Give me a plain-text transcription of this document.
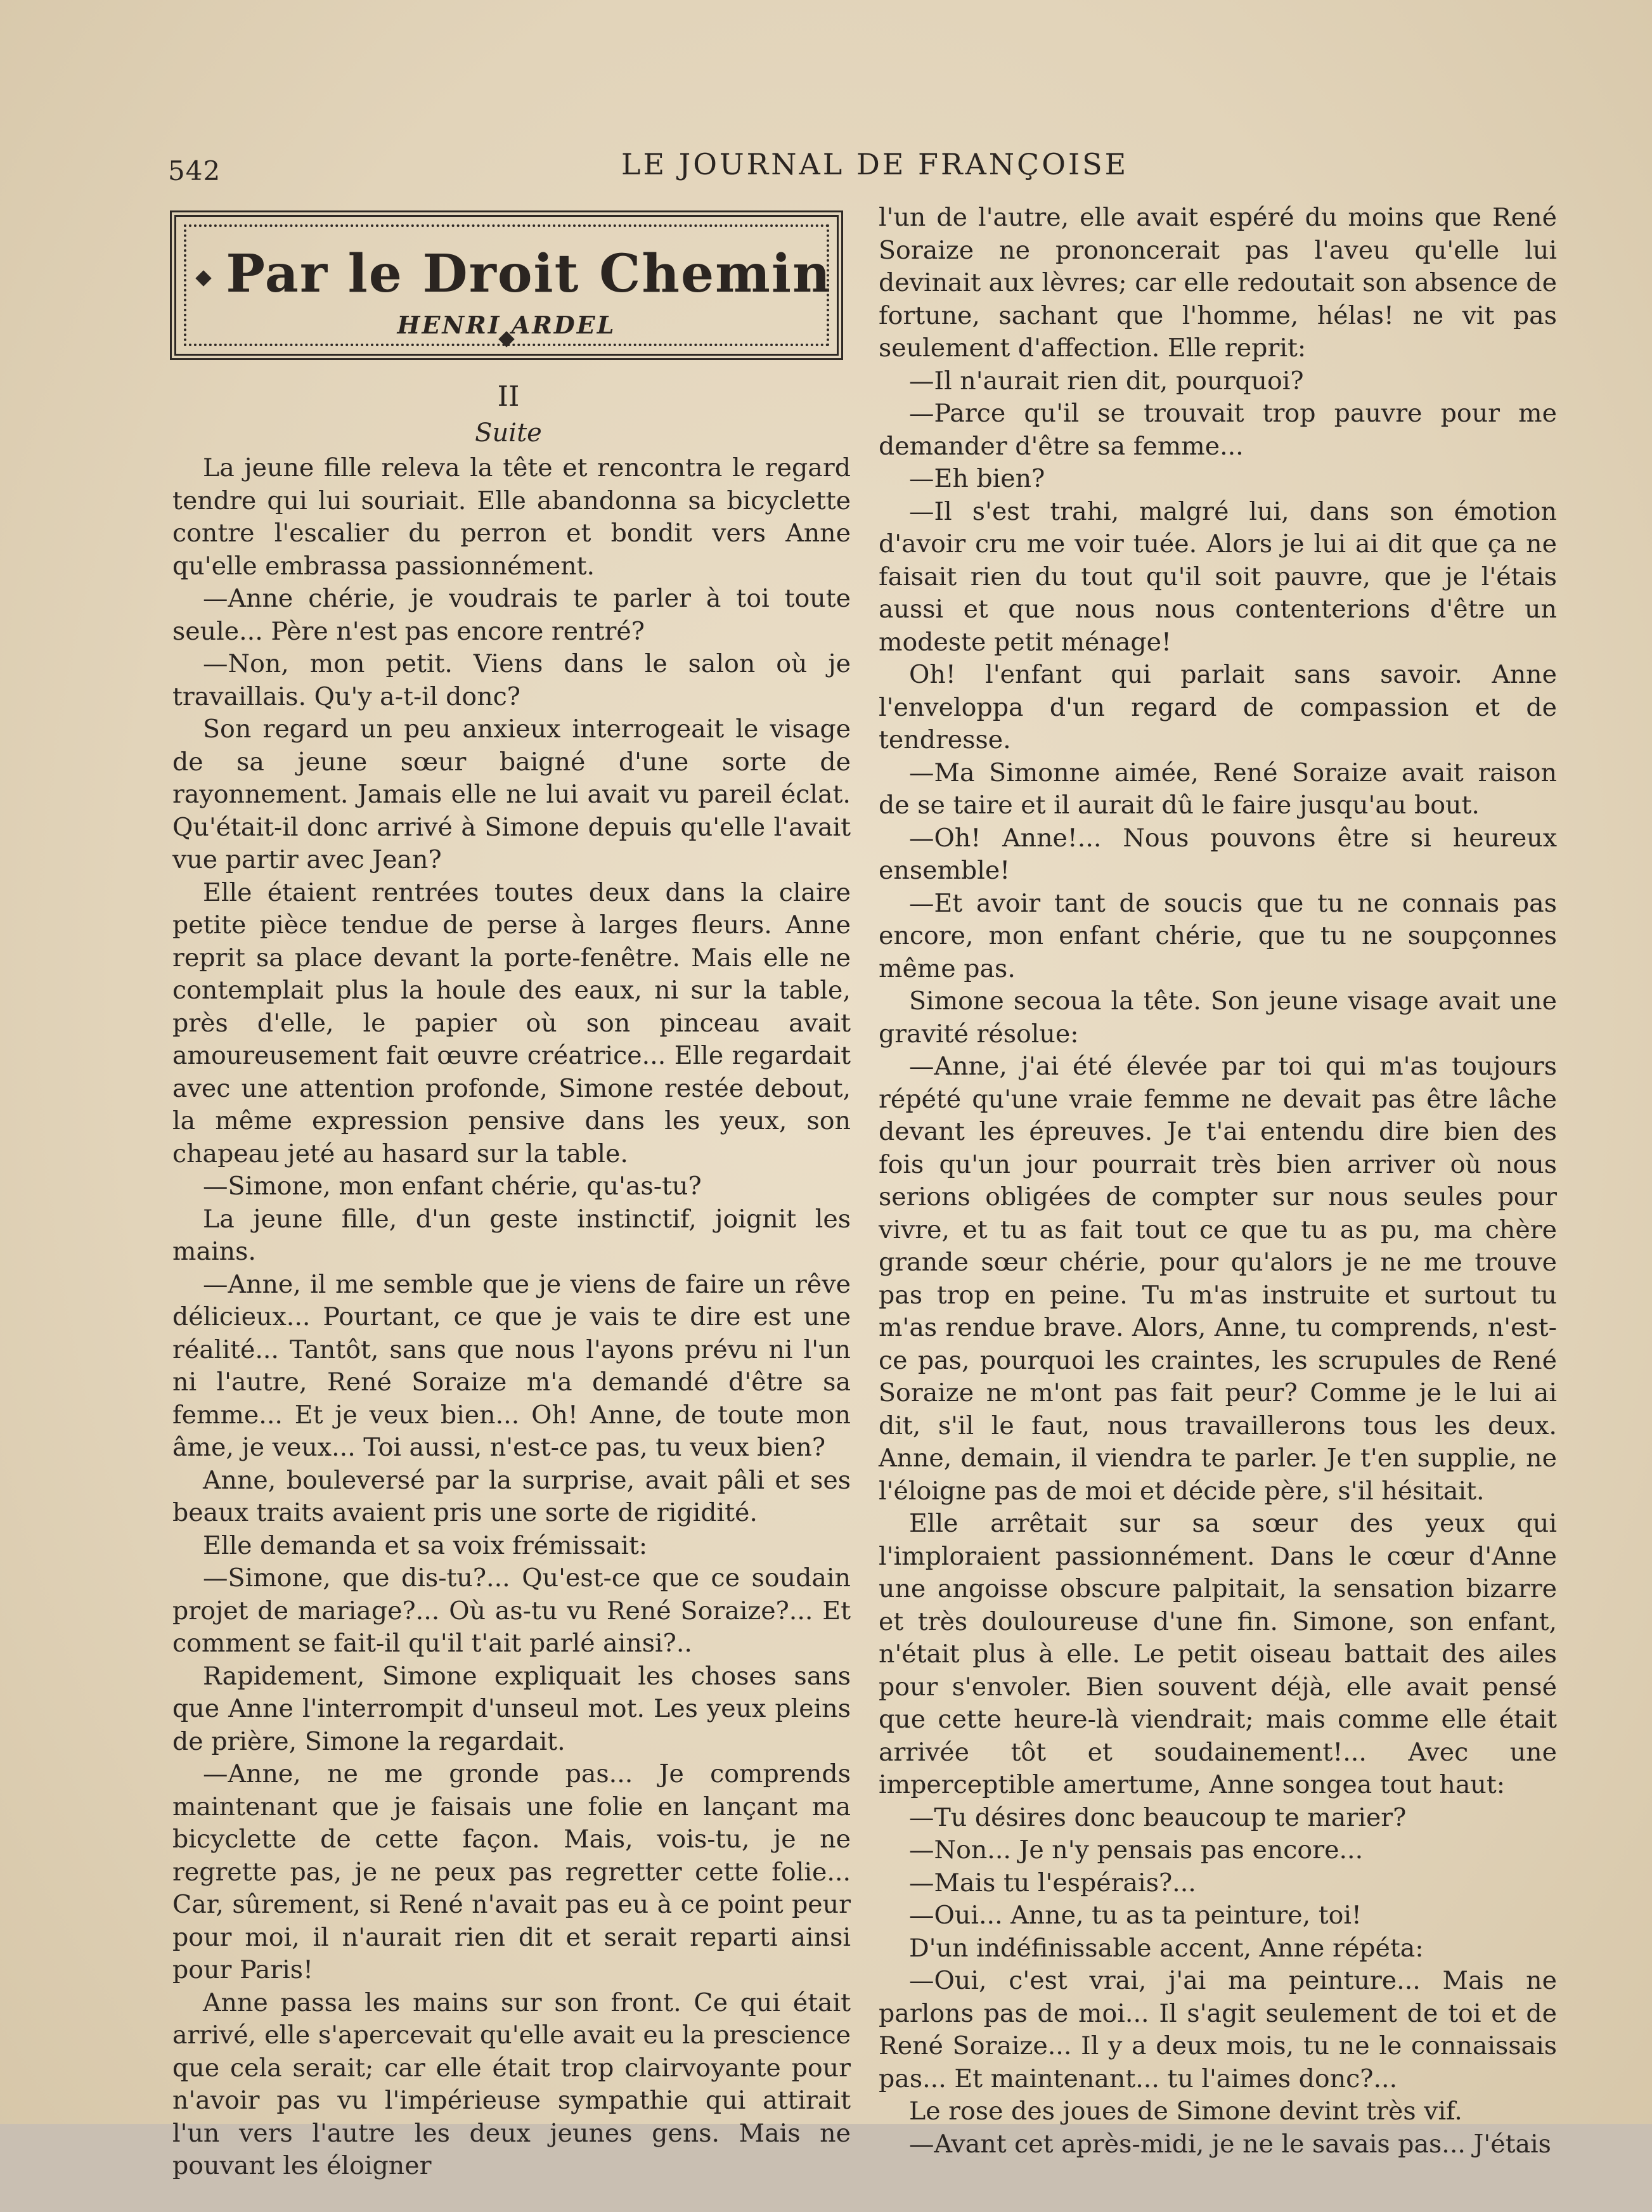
542	LE JOURNAL DE FRANÇOISE
Par le Droit Chemin
HENRI ARDEL
II
Suite

La jeune fille releva la tête et rencontra le regard tendre qui lui souriait. Elle abandonna sa bicyclette contre l'escalier du perron et bondit vers Anne qu'elle embrassa passionnément.

—Anne chérie, je voudrais te parler à toi toute seule... Père n'est pas encore rentré?

—Non, mon petit. Viens dans le salon où je travaillais. Qu'y a-t-il donc?

Son regard un peu anxieux interrogeait le visage de sa jeune sœur baigné d'une sorte de rayonnement. Jamais elle ne lui avait vu pareil éclat. Qu'était-il donc arrivé à Simone depuis qu'elle l'avait vue partir avec Jean?

Elle étaient rentrées toutes deux dans la claire petite pièce tendue de perse à larges fleurs. Anne reprit sa place devant la porte-fenêtre. Mais elle ne contemplait plus la houle des eaux, ni sur la table, près d'elle, le papier où son pinceau avait amoureusement fait œuvre créatrice... Elle regardait avec une attention profonde, Simone restée debout, la même expression pensive dans les yeux, son chapeau jeté au hasard sur la table.

—Simone, mon enfant chérie, qu'as-tu?

La jeune fille, d'un geste instinctif, joignit les mains.

—Anne, il me semble que je viens de faire un rêve délicieux... Pourtant, ce que je vais te dire est une réalité... Tantôt, sans que nous l'ayons prévu ni l'un ni l'autre, René Soraize m'a demandé d'être sa femme... Et je veux bien... Oh! Anne, de toute mon âme, je veux... Toi aussi, n'est-ce pas, tu veux bien?

Anne, bouleversé par la surprise, avait pâli et ses beaux traits avaient pris une sorte de rigidité.

Elle demanda et sa voix frémissait:

—Simone, que dis-tu?... Qu'est-ce que ce soudain projet de mariage?... Où as-tu vu René Soraize?... Et comment se fait-il qu'il t'ait parlé ainsi?..

Rapidement, Simone expliquait les choses sans que Anne l'interrompit d'unseul mot. Les yeux pleins de prière, Simone la regardait.

—Anne, ne me gronde pas... Je comprends maintenant que je faisais une folie en lançant ma bicyclette de cette façon. Mais, vois-tu, je ne regrette pas, je ne peux pas regretter cette folie... Car, sûrement, si René n'avait pas eu à ce point peur pour moi, il n'aurait rien dit et serait reparti ainsi pour Paris!

Anne passa les mains sur son front. Ce qui était arrivé, elle s'apercevait qu'elle avait eu la prescience que cela serait; car elle était trop clairvoyante pour n'avoir pas vu l'impérieuse sympathie qui attirait l'un vers l'autre les deux jeunes gens. Mais ne pouvant les éloigner

l'un de l'autre, elle avait espéré du moins que René Soraize ne prononcerait pas l'aveu qu'elle lui devinait aux lèvres; car elle redoutait son absence de fortune, sachant que l'homme, hélas! ne vit pas seulement d'affection. Elle reprit:

—Il n'aurait rien dit, pourquoi?

—Parce qu'il se trouvait trop pauvre pour me demander d'être sa femme...

—Eh bien?

—Il s'est trahi, malgré lui, dans son émotion d'avoir cru me voir tuée. Alors je lui ai dit que ça ne faisait rien du tout qu'il soit pauvre, que je l'étais aussi et que nous nous contenterions d'être un modeste petit ménage!

Oh! l'enfant qui parlait sans savoir. Anne l'enveloppa d'un regard de compassion et de tendresse.

—Ma Simonne aimée, René Soraize avait raison de se taire et il aurait dû le faire jusqu'au bout.

—Oh! Anne!... Nous pouvons être si heureux ensemble!

—Et avoir tant de soucis que tu ne connais pas encore, mon enfant chérie, que tu ne soupçonnes même pas.

Simone secoua la tête. Son jeune visage avait une gravité résolue:

—Anne, j'ai été élevée par toi qui m'as toujours répété qu'une vraie femme ne devait pas être lâche devant les épreuves. Je t'ai entendu dire bien des fois qu'un jour pourrait très bien arriver où nous serions obligées de compter sur nous seules pour vivre, et tu as fait tout ce que tu as pu, ma chère grande sœur chérie, pour qu'alors je ne me trouve pas trop en peine. Tu m'as instruite et surtout tu m'as rendue brave. Alors, Anne, tu comprends, n'est-ce pas, pourquoi les craintes, les scrupules de René Soraize ne m'ont pas fait peur? Comme je le lui ai dit, s'il le faut, nous travaillerons tous les deux. Anne, demain, il viendra te parler. Je t'en supplie, ne l'éloigne pas de moi et décide père, s'il hésitait.

Elle arrêtait sur sa sœur des yeux qui l'imploraient passionnément. Dans le cœur d'Anne une angoisse obscure palpitait, la sensation bizarre et très douloureuse d'une fin. Simone, son enfant, n'était plus à elle. Le petit oiseau battait des ailes pour s'envoler. Bien souvent déjà, elle avait pensé que cette heure-là viendrait; mais comme elle était arrivée tôt et soudainement!... Avec une imperceptible amertume, Anne songea tout haut:

—Tu désires donc beaucoup te marier?

—Non... Je n'y pensais pas encore...

—Mais tu l'espérais?...

—Oui... Anne, tu as ta peinture, toi!

D'un indéfinissable accent, Anne répéta:

—Oui, c'est vrai, j'ai ma peinture... Mais ne parlons pas de moi... Il s'agit seulement de toi et de René Soraize... Il y a deux mois, tu ne le connaissais pas... Et maintenant... tu l'aimes donc?...

Le rose des joues de Simone devint très vif.

—Avant cet après-midi, je ne le savais pas... J'étais
